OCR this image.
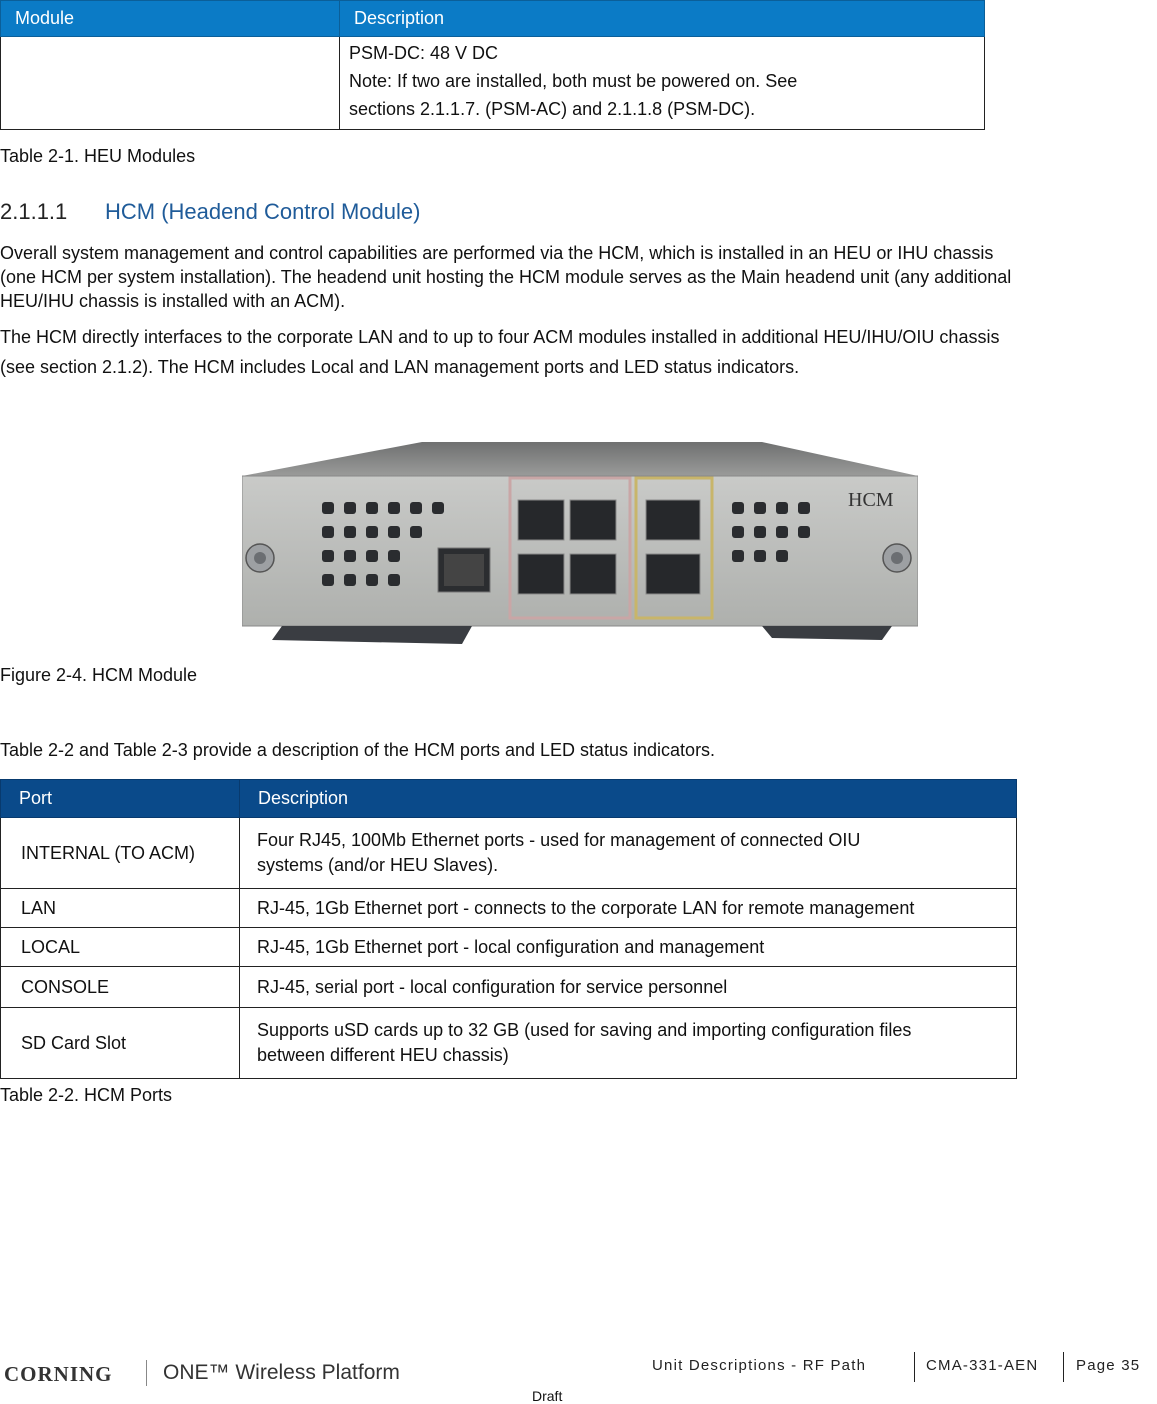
Module	Description

	PSM-DC: 48 V DC
Note: If two are installed, both must be powered on. See
sections 2.1.1.7. (PSM-AC) and 2.1.1.8 (PSM-DC).
Table 2-1. HEU Modules
2.1.1.1 HCM (Headend Control Module)
Overall system management and control capabilities are performed via the HCM, which is installed in an HEU or IHU chassis
(one HCM per system installation). The headend unit hosting the HCM module serves as the Main headend unit (any additional
HEU/IHU chassis is installed with an ACM).
The HCM directly interfaces to the corporate LAN and to up to four ACM modules installed in additional HEU/IHU/OIU chassis
(see section 2.1.2). The HCM includes Local and LAN management ports and LED status indicators.
HCM
Figure 2-4. HCM Module
Table 2-2 and Table 2-3 provide a description of the HCM ports and LED status indicators.
Port	Description
INTERNAL (TO ACM)	Four RJ45, 100Mb Ethernet ports - used for management of connected OIU
systems (and/or HEU Slaves).

LAN	RJ-45, 1Gb Ethernet port - connects to the corporate LAN for remote management
LOCAL	RJ-45, 1Gb Ethernet port - local configuration and management
CONSOLE	RJ-45, serial port - local configuration for service personnel
SD Card Slot	Supports uSD cards up to 32 GB (used for saving and importing configuration files
between different HEU chassis)
Table 2-2. HCM Ports
CORNING ONE™ Wireless Platform	Unit Descriptions - RF Path	CMA-331-AEN	Page 35
Draft
